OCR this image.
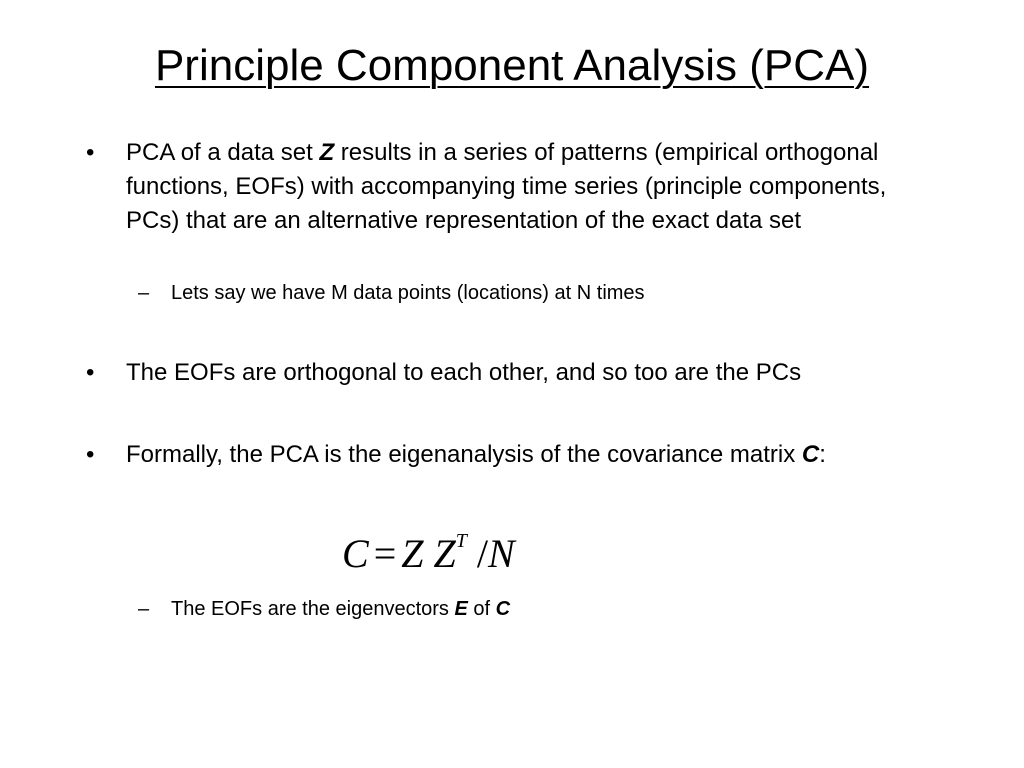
Principle Component Analysis (PCA)
• PCA of a data set Z results in a series of patterns (empirical orthogonal functions, EOFs) with accompanying time series (principle components, PCs) that are an alternative representation of the exact data set
– Lets say we have M data points (locations) at N times
• The EOFs are orthogonal to each other, and so too are the PCs
• Formally, the PCA is the eigenanalysis of the covariance matrix C:
C = Z $Z^T$ /N
– The EOFs are the eigenvectors E of C
